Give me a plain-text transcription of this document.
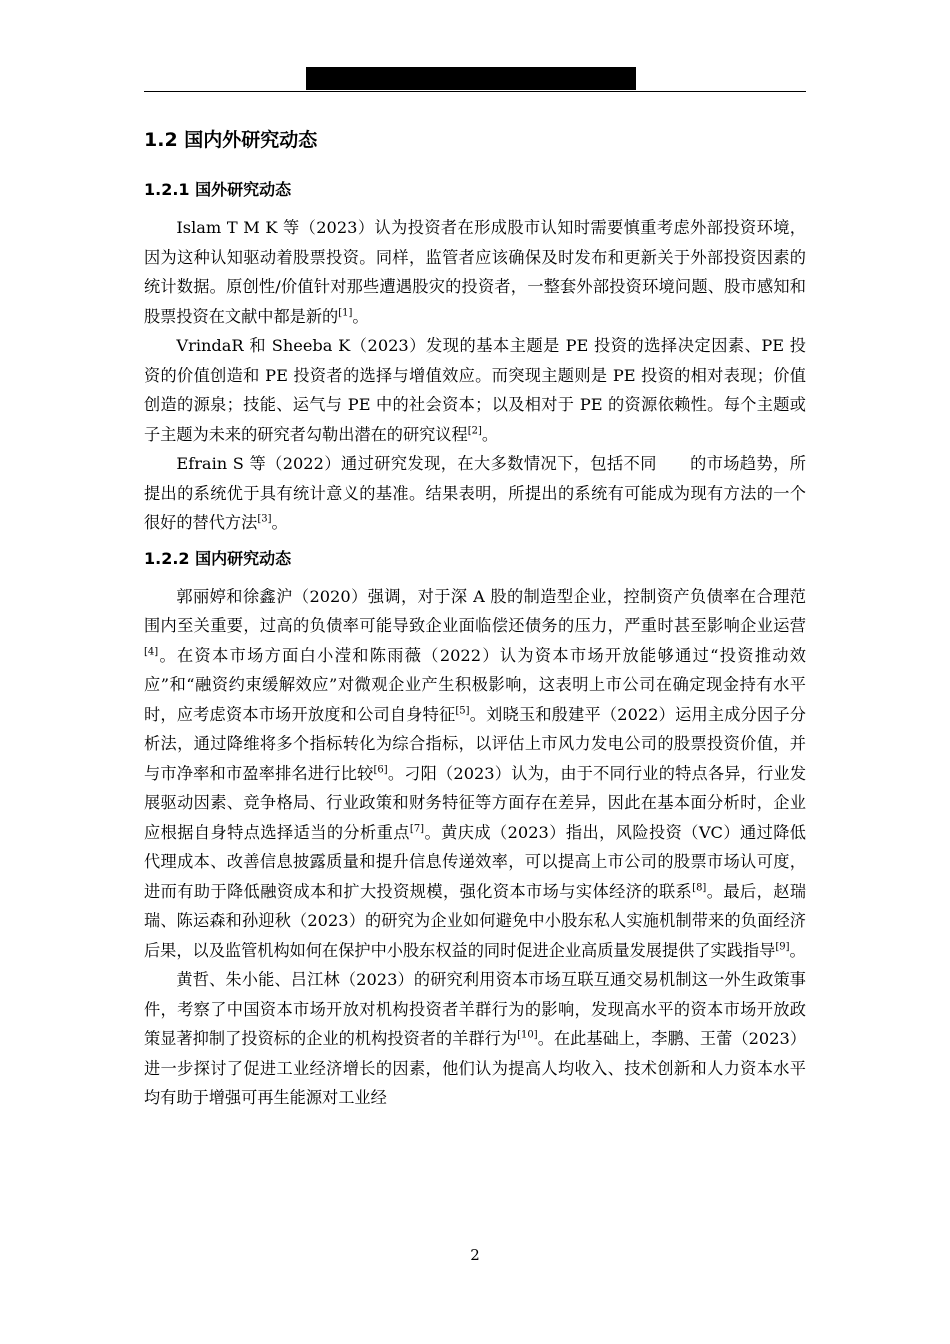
1.2 国内外研究动态
1.2.1 国外研究动态

Islam T M K 等（2023）认为投资者在形成股市认知时需要慎重考虑外部投资环境，因为这种认知驱动着股票投资。同样，监管者应该确保及时发布和更新关于外部投资因素的统计数据。原创性/价值针对那些遭遇股灾的投资者，一整套外部投资环境问题、股市感知和股票投资在文献中都是新的[1]。

VrindaR 和 Sheeba K（2023）发现的基本主题是 PE 投资的选择决定因素、PE 投资的价值创造和 PE 投资者的选择与增值效应。而突现主题则是 PE 投资的相对表现；价值创造的源泉；技能、运气与 PE 中的社会资本；以及相对于 PE 的资源依赖性。每个主题或子主题为未来的研究者勾勒出潜在的研究议程[2]。

Efrain S 等（2022）通过研究发现，在大多数情况下，包括不同　　的市场趋势，所提出的系统优于具有统计意义的基准。结果表明，所提出的系统有可能成为现有方法的一个很好的替代方法[3]。

1.2.2 国内研究动态

郭丽婷和徐鑫沪（2020）强调，对于深 A 股的制造型企业，控制资产负债率在合理范围内至关重要，过高的负债率可能导致企业面临偿还债务的压力，严重时甚至影响企业运营[4]。在资本市场方面白小滢和陈雨薇（2022）认为资本市场开放能够通过“投资推动效应”和“融资约束缓解效应”对微观企业产生积极影响，这表明上市公司在确定现金持有水平时，应考虑资本市场开放度和公司自身特征[5]。刘晓玉和殷建平（2022）运用主成分因子分析法，通过降维将多个指标转化为综合指标，以评估上市风力发电公司的股票投资价值，并与市净率和市盈率排名进行比较[6]。刁阳（2023）认为，由于不同行业的特点各异，行业发展驱动因素、竞争格局、行业政策和财务特征等方面存在差异，因此在基本面分析时，企业应根据自身特点选择适当的分析重点[7]。黄庆成（2023）指出，风险投资（VC）通过降低代理成本、改善信息披露质量和提升信息传递效率，可以提高上市公司的股票市场认可度，进而有助于降低融资成本和扩大投资规模，强化资本市场与实体经济的联系[8]。最后，赵瑞瑞、陈运森和孙迎秋（2023）的研究为企业如何避免中小股东私人实施机制带来的负面经济后果，以及监管机构如何在保护中小股东权益的同时促进企业高质量发展提供了实践指导[9]。

黄哲、朱小能、吕江林（2023）的研究利用资本市场互联互通交易机制这一外生政策事件，考察了中国资本市场开放对机构投资者羊群行为的影响，发现高水平的资本市场开放政策显著抑制了投资标的企业的机构投资者的羊群行为[10]。在此基础上，李鹏、王蕾（2023）进一步探讨了促进工业经济增长的因素，他们认为提高人均收入、技术创新和人力资本水平均有助于增强可再生能源对工业经

2
